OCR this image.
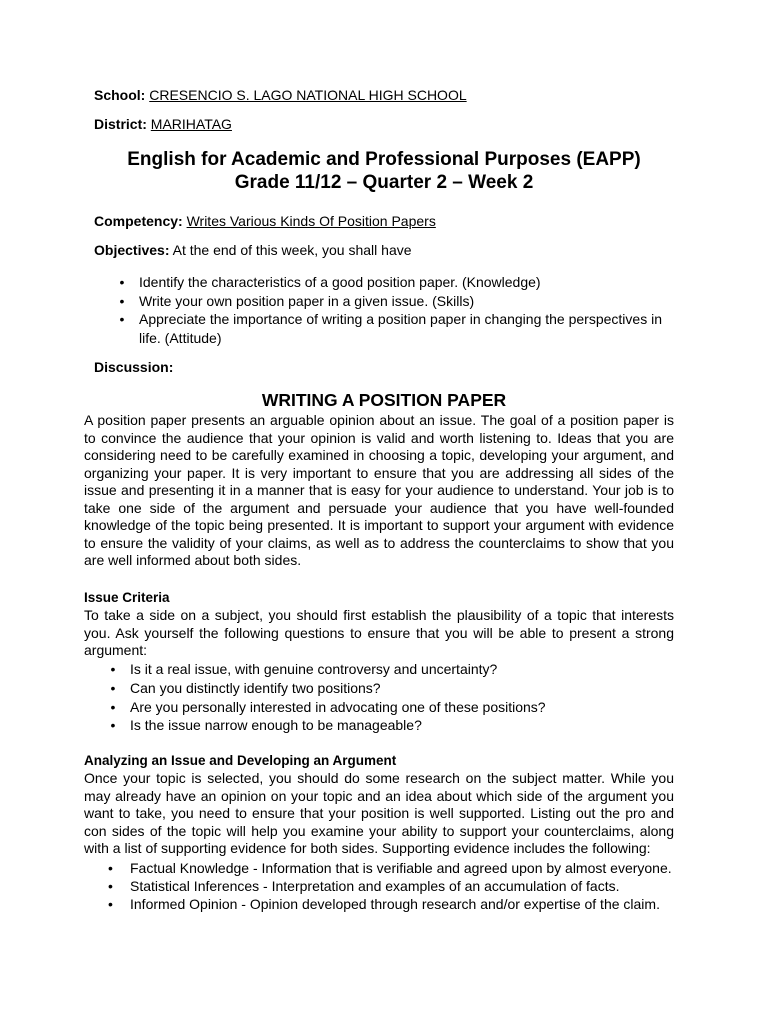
School: CRESENCIO S. LAGO NATIONAL HIGH SCHOOL
District: MARIHATAG
English for Academic and Professional Purposes (EAPP)
Grade 11/12 – Quarter 2 – Week 2
Competency: Writes Various Kinds Of Position Papers
Objectives: At the end of this week, you shall have
• Identify the characteristics of a good position paper. (Knowledge)
• Write your own position paper in a given issue. (Skills)
• Appreciate the importance of writing a position paper in changing the perspectives in life. (Attitude)
Discussion:
WRITING A POSITION PAPER
A position paper presents an arguable opinion about an issue. The goal of a position paper is to convince the audience that your opinion is valid and worth listening to. Ideas that you are considering need to be carefully examined in choosing a topic, developing your argument, and organizing your paper. It is very important to ensure that you are addressing all sides of the issue and presenting it in a manner that is easy for your audience to understand. Your job is to take one side of the argument and persuade your audience that you have well-founded knowledge of the topic being presented. It is important to support your argument with evidence to ensure the validity of your claims, as well as to address the counterclaims to show that you are well informed about both sides.
Issue Criteria
To take a side on a subject, you should first establish the plausibility of a topic that interests you. Ask yourself the following questions to ensure that you will be able to present a strong argument:
• Is it a real issue, with genuine controversy and uncertainty?
• Can you distinctly identify two positions?
• Are you personally interested in advocating one of these positions?
• Is the issue narrow enough to be manageable?
Analyzing an Issue and Developing an Argument
Once your topic is selected, you should do some research on the subject matter. While you may already have an opinion on your topic and an idea about which side of the argument you want to take, you need to ensure that your position is well supported. Listing out the pro and con sides of the topic will help you examine your ability to support your counterclaims, along with a list of supporting evidence for both sides. Supporting evidence includes the following:
•	Factual Knowledge - Information that is verifiable and agreed upon by almost everyone.
•	Statistical Inferences - Interpretation and examples of an accumulation of facts.
•	Informed Opinion - Opinion developed through research and/or expertise of the claim.
